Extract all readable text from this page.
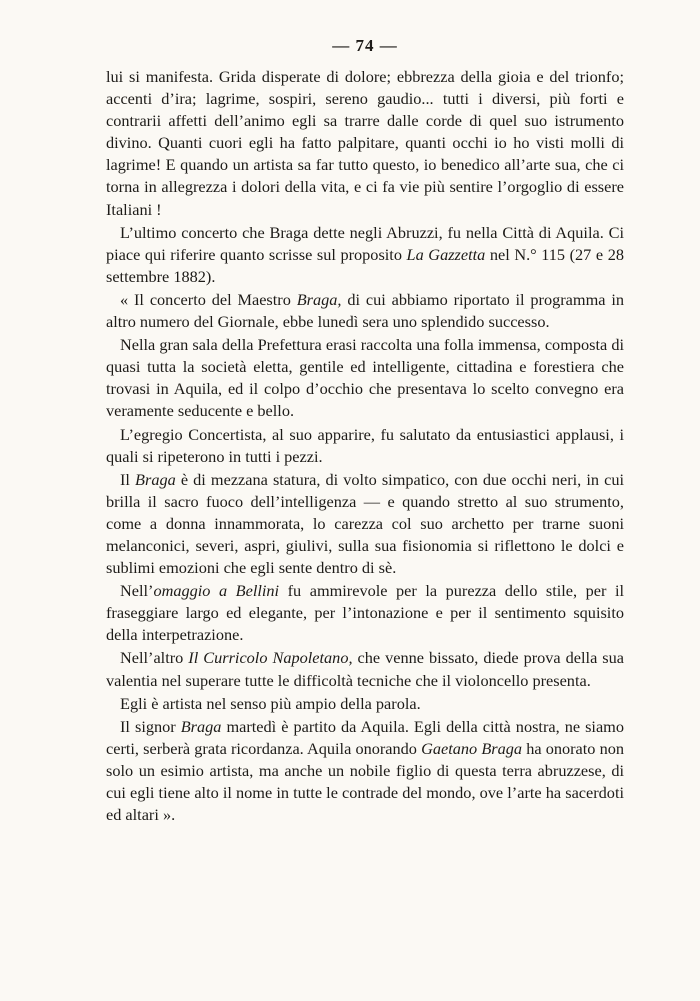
— 74 —

lui si manifesta. Grida disperate di dolore; ebbrezza della gioia e del trionfo; accenti d’ira; lagrime, sospiri, sereno gaudio... tutti i diversi, più forti e contrarii affetti dell’animo egli sa trarre dalle corde di quel suo istrumento divino. Quanti cuori egli ha fatto palpitare, quanti occhi io ho visti molli di lagrime! E quando un artista sa far tutto questo, io benedico all’arte sua, che ci torna in allegrezza i dolori della vita, e ci fa vie più sentire l’orgoglio di essere Italiani !

L’ultimo concerto che Braga dette negli Abruzzi, fu nella Città di Aquila. Ci piace qui riferire quanto scrisse sul proposito La Gazzetta nel N.° 115 (27 e 28 settembre 1882).

« Il concerto del Maestro Braga, di cui abbiamo riportato il programma in altro numero del Giornale, ebbe lunedì sera uno splendido successo.

Nella gran sala della Prefettura erasi raccolta una folla immensa, composta di quasi tutta la società eletta, gentile ed intelligente, cittadina e forestiera che trovasi in Aquila, ed il colpo d’occhio che presentava lo scelto convegno era veramente seducente e bello.

L’egregio Concertista, al suo apparire, fu salutato da entusiastici applausi, i quali si ripeterono in tutti i pezzi.

Il Braga è di mezzana statura, di volto simpatico, con due occhi neri, in cui brilla il sacro fuoco dell’intelligenza — e quando stretto al suo strumento, come a donna innammorata, lo carezza col suo archetto per trarne suoni melanconici, severi, aspri, giulivi, sulla sua fisionomia si riflettono le dolci e sublimi emozioni che egli sente dentro di sè.

Nell’omaggio a Bellini fu ammirevole per la purezza dello stile, per il fraseggiare largo ed elegante, per l’intonazione e per il sentimento squisito della interpetrazione.

Nell’altro Il Curricolo Napoletano, che venne bissato, diede prova della sua valentia nel superare tutte le difficoltà tecniche che il violoncello presenta.

Egli è artista nel senso più ampio della parola.

Il signor Braga martedì è partito da Aquila. Egli della città nostra, ne siamo certi, serberà grata ricordanza. Aquila onorando Gaetano Braga ha onorato non solo un esimio artista, ma anche un nobile figlio di questa terra abruzzese, di cui egli tiene alto il nome in tutte le contrade del mondo, ove l’arte ha sacerdoti ed altari ».
